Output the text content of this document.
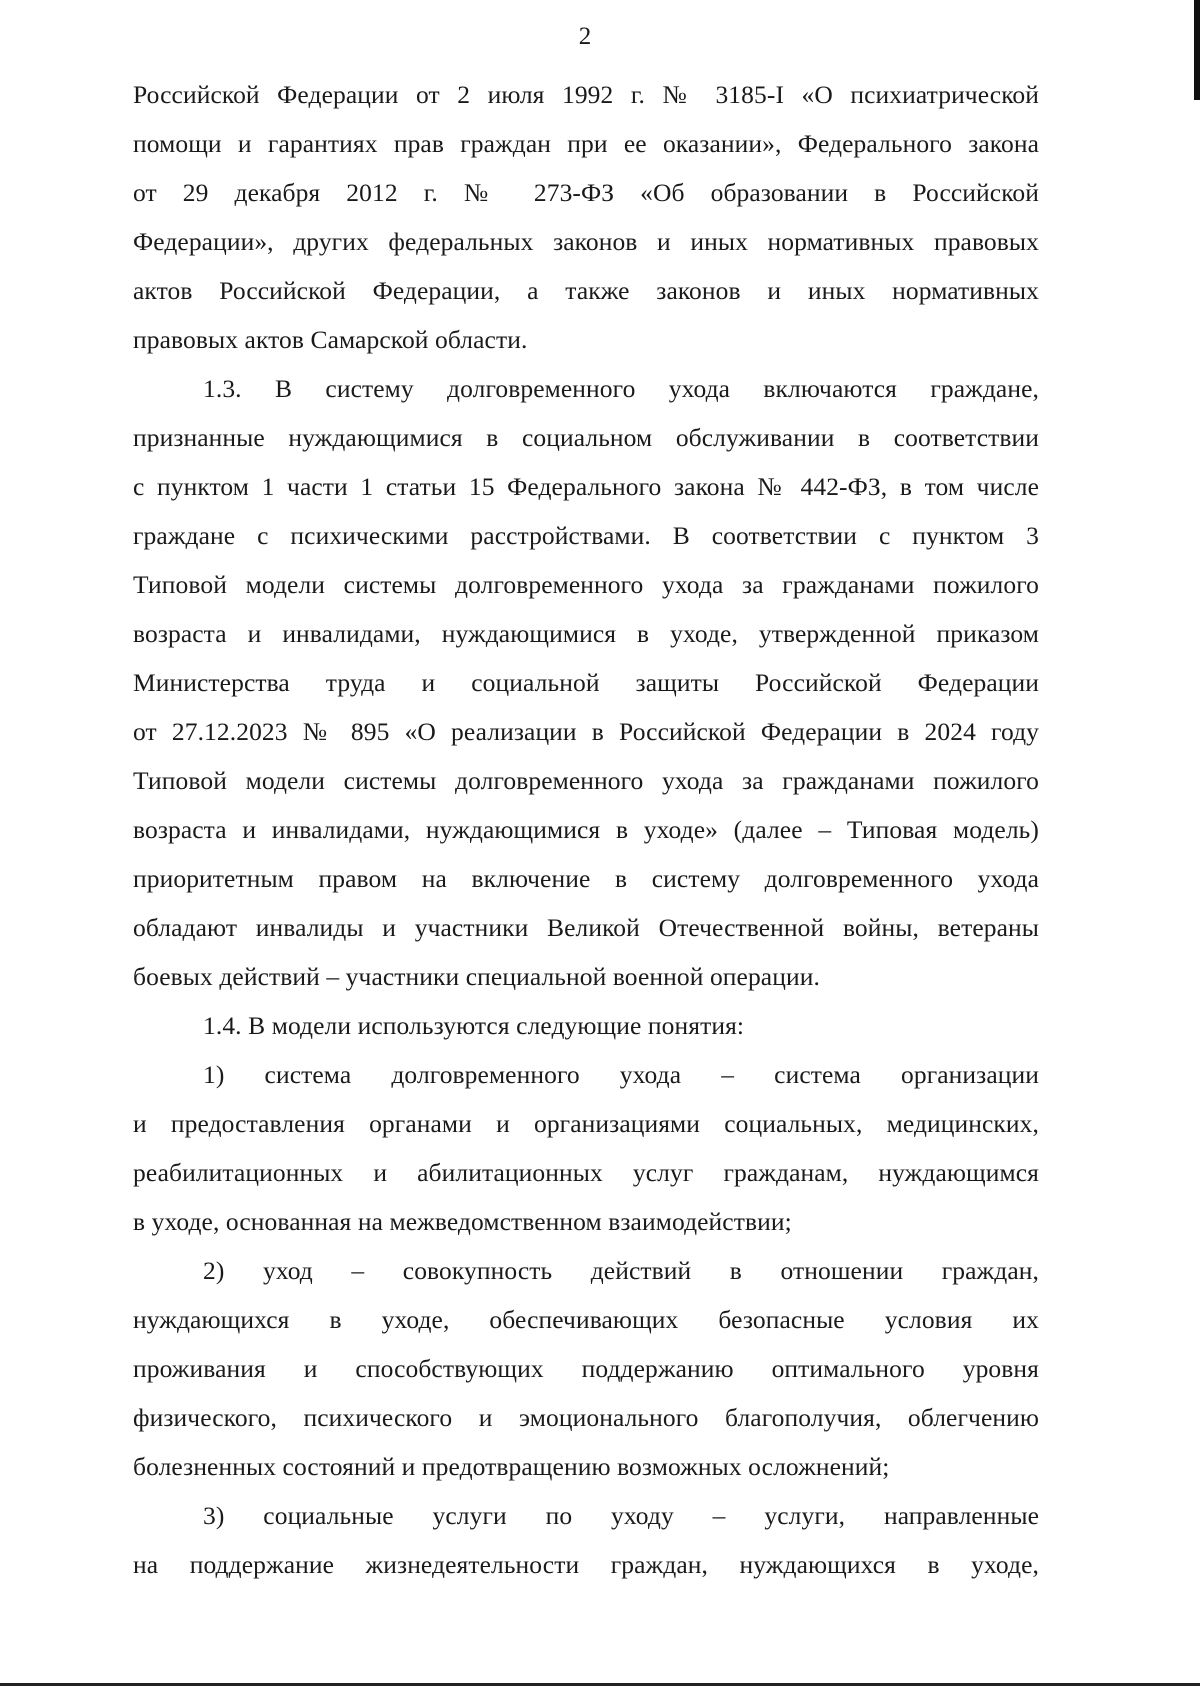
2
Российской Федерации от 2 июля 1992 г. № 3185-I «О психиатрической
помощи и гарантиях прав граждан при ее оказании», Федерального закона
от 29 декабря 2012 г. № 273-ФЗ «Об образовании в Российской
Федерации», других федеральных законов и иных нормативных правовых
актов Российской Федерации, а также законов и иных нормативных
правовых актов Самарской области.
1.3. В систему долговременного ухода включаются граждане,
признанные нуждающимися в социальном обслуживании в соответствии
с пунктом 1 части 1 статьи 15 Федерального закона № 442-ФЗ, в том числе
граждане с психическими расстройствами. В соответствии с пунктом 3
Типовой модели системы долговременного ухода за гражданами пожилого
возраста и инвалидами, нуждающимися в уходе, утвержденной приказом
Министерства труда и социальной защиты Российской Федерации
от 27.12.2023 № 895 «О реализации в Российской Федерации в 2024 году
Типовой модели системы долговременного ухода за гражданами пожилого
возраста и инвалидами, нуждающимися в уходе» (далее – Типовая модель)
приоритетным правом на включение в систему долговременного ухода
обладают инвалиды и участники Великой Отечественной войны, ветераны
боевых действий – участники специальной военной операции.
1.4. В модели используются следующие понятия:
1) система долговременного ухода – система организации
и предоставления органами и организациями социальных, медицинских,
реабилитационных и абилитационных услуг гражданам, нуждающимся
в уходе, основанная на межведомственном взаимодействии;
2) уход – совокупность действий в отношении граждан,
нуждающихся в уходе, обеспечивающих безопасные условия их
проживания и способствующих поддержанию оптимального уровня
физического, психического и эмоционального благополучия, облегчению
болезненных состояний и предотвращению возможных осложнений;
3) социальные услуги по уходу – услуги, направленные
на поддержание жизнедеятельности граждан, нуждающихся в уходе,
